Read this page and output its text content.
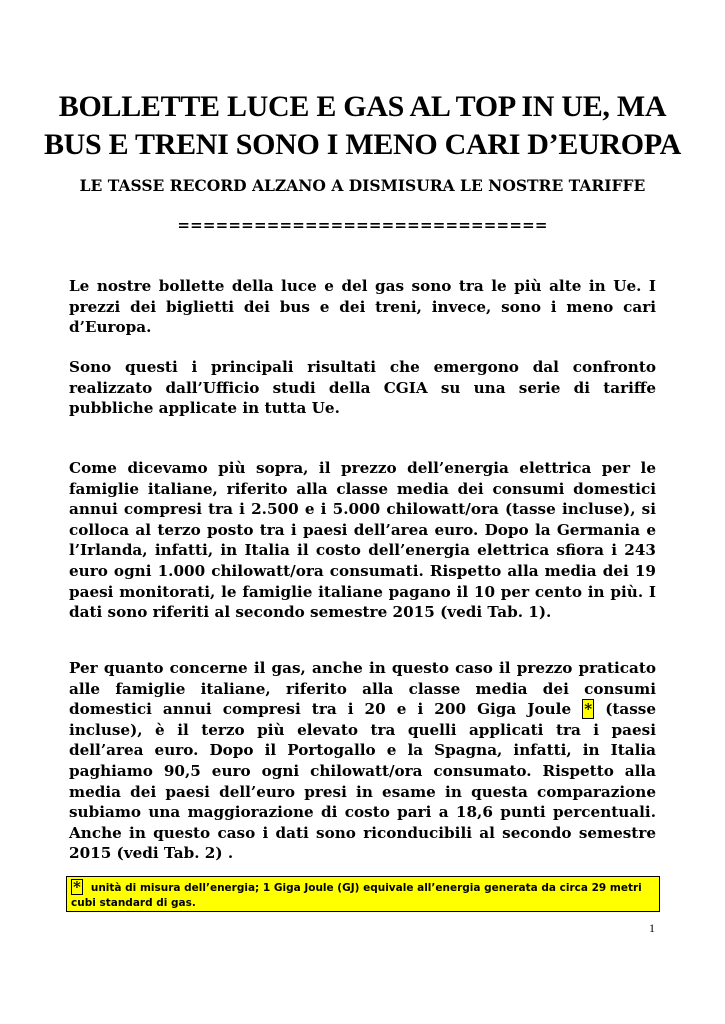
BOLLETTE LUCE E GAS AL TOP IN UE, MA BUS E TRENI SONO I MENO CARI D’EUROPA
LE TASSE RECORD ALZANO A DISMISURA LE NOSTRE TARIFFE
=============================

Le nostre bollette della luce e del gas sono tra le più alte in Ue. I prezzi dei biglietti dei bus e dei treni, invece, sono i meno cari d’Europa.

Sono questi i principali risultati che emergono dal confronto realizzato dall’Ufficio studi della CGIA su una serie di tariffe pubbliche applicate in tutta Ue.

Come dicevamo più sopra, il prezzo dell’energia elettrica per le famiglie italiane, riferito alla classe media dei consumi domestici annui compresi tra i 2.500 e i 5.000 chilowatt/ora (tasse incluse), si colloca al terzo posto tra i paesi dell’area euro. Dopo la Germania e l’Irlanda, infatti, in Italia il costo dell’energia elettrica sfiora i 243 euro ogni 1.000 chilowatt/ora consumati. Rispetto alla media dei 19 paesi monitorati, le famiglie italiane pagano il 10 per cento in più. I dati sono riferiti al secondo semestre 2015 (vedi Tab. 1).

Per quanto concerne il gas, anche in questo caso il prezzo praticato alle famiglie italiane, riferito alla classe media dei consumi domestici annui compresi tra i 20 e i 200 Giga Joule * (tasse incluse), è il terzo più elevato tra quelli applicati tra i paesi dell’area euro. Dopo il Portogallo e la Spagna, infatti, in Italia paghiamo 90,5 euro ogni chilowatt/ora consumato. Rispetto alla media dei paesi dell’euro presi in esame in questa comparazione subiamo una maggiorazione di costo pari a 18,6 punti percentuali. Anche in questo caso i dati sono riconducibili al secondo semestre 2015 (vedi Tab. 2) .

* unità di misura dell’energia; 1 Giga Joule (GJ) equivale all’energia generata da circa 29 metri cubi standard di gas.
1
